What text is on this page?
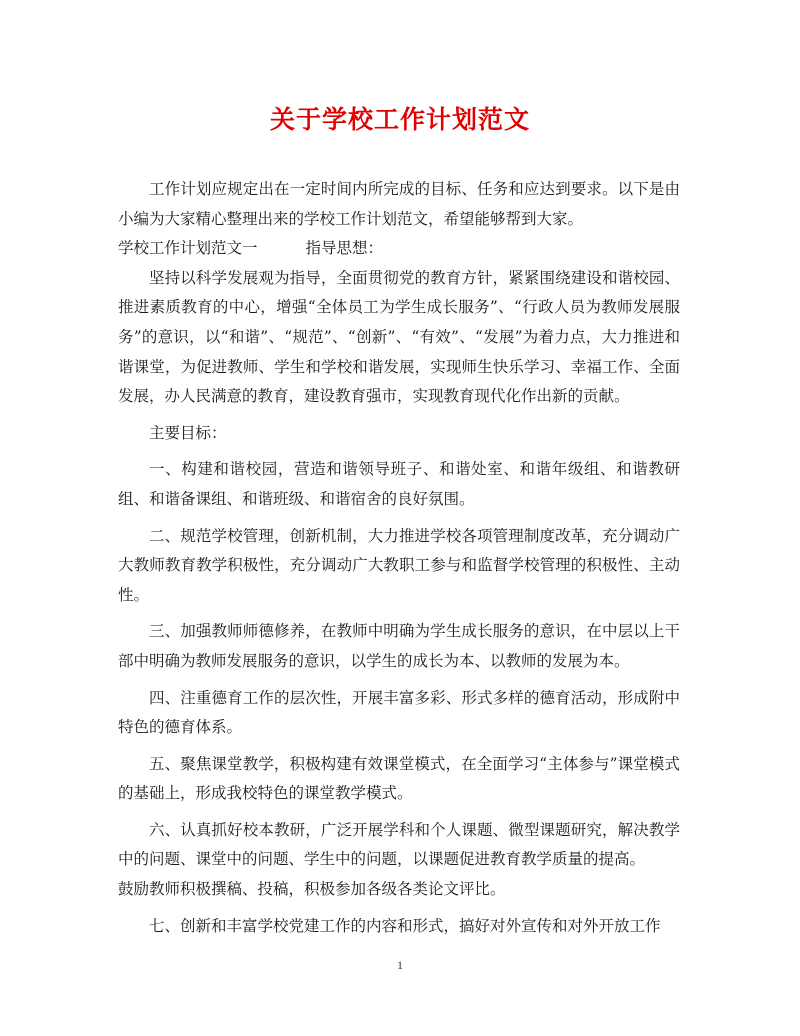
关于学校工作计划范文

工作计划应规定出在一定时间内所完成的目标、任务和应达到要求。以下是由小编为大家精心整理出来的学校工作计划范文，希望能够帮到大家。

学校工作计划范文一	指导思想：

坚持以科学发展观为指导，全面贯彻党的教育方针，紧紧围绕建设和谐校园、推进素质教育的中心，增强“全体员工为学生成长服务”、“行政人员为教师发展服务”的意识，以“和谐”、“规范”、“创新”、“有效”、“发展”为着力点，大力推进和谐课堂，为促进教师、学生和学校和谐发展，实现师生快乐学习、幸福工作、全面发展，办人民满意的教育，建设教育强市，实现教育现代化作出新的贡献。

主要目标：

一、构建和谐校园，营造和谐领导班子、和谐处室、和谐年级组、和谐教研组、和谐备课组、和谐班级、和谐宿舍的良好氛围。

二、规范学校管理，创新机制，大力推进学校各项管理制度改革，充分调动广大教师教育教学积极性，充分调动广大教职工参与和监督学校管理的积极性、主动性。

三、加强教师师德修养，在教师中明确为学生成长服务的意识，在中层以上干部中明确为教师发展服务的意识，以学生的成长为本、以教师的发展为本。

四、注重德育工作的层次性，开展丰富多彩、形式多样的德育活动，形成附中特色的德育体系。

五、聚焦课堂教学，积极构建有效课堂模式，在全面学习“主体参与”课堂模式的基础上，形成我校特色的课堂教学模式。

六、认真抓好校本教研，广泛开展学科和个人课题、微型课题研究，解决教学中的问题、课堂中的问题、学生中的问题，以课题促进教育教学质量的提高。

鼓励教师积极撰稿、投稿，积极参加各级各类论文评比。

七、创新和丰富学校党建工作的内容和形式，搞好对外宣传和对外开放工作

1
